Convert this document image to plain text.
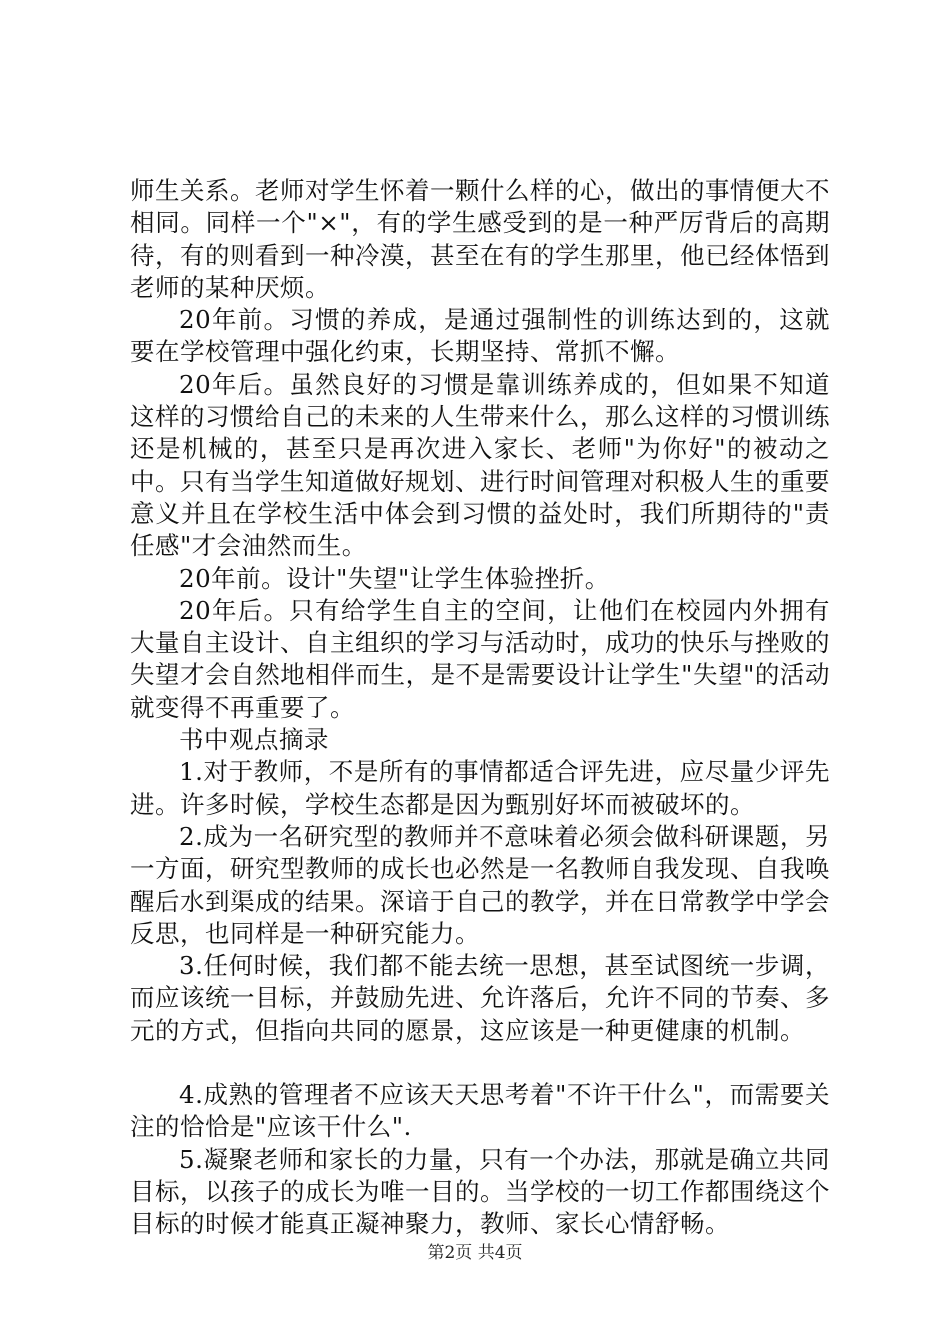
师生关系。老师对学生怀着一颗什么样的心，做出的事情便大不相同。同样一个"×"，有的学生感受到的是一种严厉背后的高期待，有的则看到一种冷漠，甚至在有的学生那里，他已经体悟到老师的某种厌烦。

20年前。习惯的养成，是通过强制性的训练达到的，这就要在学校管理中强化约束，长期坚持、常抓不懈。

20年后。虽然良好的习惯是靠训练养成的，但如果不知道这样的习惯给自己的未来的人生带来什么，那么这样的习惯训练还是机械的，甚至只是再次进入家长、老师"为你好"的被动之中。只有当学生知道做好规划、进行时间管理对积极人生的重要意义并且在学校生活中体会到习惯的益处时，我们所期待的"责任感"才会油然而生。

20年前。设计"失望"让学生体验挫折。

20年后。只有给学生自主的空间，让他们在校园内外拥有大量自主设计、自主组织的学习与活动时，成功的快乐与挫败的失望才会自然地相伴而生，是不是需要设计让学生"失望"的活动就变得不再重要了。

书中观点摘录

1.对于教师，不是所有的事情都适合评先进，应尽量少评先进。许多时候，学校生态都是因为甄别好坏而被破坏的。

2.成为一名研究型的教师并不意味着必须会做科研课题，另一方面，研究型教师的成长也必然是一名教师自我发现、自我唤醒后水到渠成的结果。深谙于自己的教学，并在日常教学中学会反思，也同样是一种研究能力。

3.任何时候，我们都不能去统一思想，甚至试图统一步调，而应该统一目标，并鼓励先进、允许落后，允许不同的节奏、多元的方式，但指向共同的愿景，这应该是一种更健康的机制。

4.成熟的管理者不应该天天思考着"不许干什么"，而需要关注的恰恰是"应该干什么".

5.凝聚老师和家长的力量，只有一个办法，那就是确立共同目标，以孩子的成长为唯一目的。当学校的一切工作都围绕这个目标的时候才能真正凝神聚力，教师、家长心情舒畅。

第2页 共4页
